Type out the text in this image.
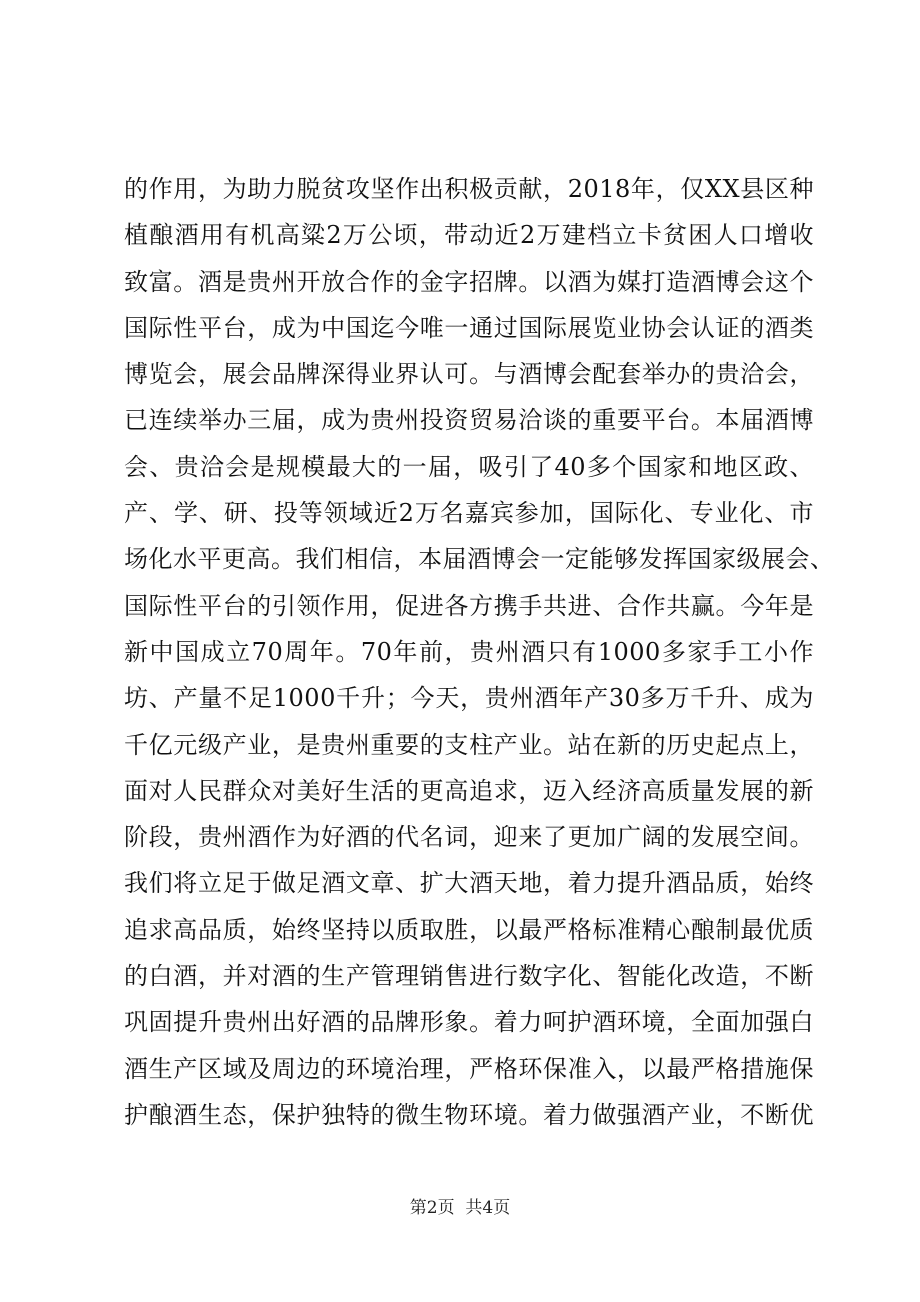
的作用，为助力脱贫攻坚作出积极贡献，2018年，仅XX县区种
植酿酒用有机高粱2万公顷，带动近2万建档立卡贫困人口增收
致富。酒是贵州开放合作的金字招牌。以酒为媒打造酒博会这个
国际性平台，成为中国迄今唯一通过国际展览业协会认证的酒类
博览会，展会品牌深得业界认可。与酒博会配套举办的贵洽会，
已连续举办三届，成为贵州投资贸易洽谈的重要平台。本届酒博
会、贵洽会是规模最大的一届，吸引了40多个国家和地区政、
产、学、研、投等领域近2万名嘉宾参加，国际化、专业化、市
场化水平更高。我们相信，本届酒博会一定能够发挥国家级展会、
国际性平台的引领作用，促进各方携手共进、合作共赢。今年是
新中国成立70周年。70年前，贵州酒只有1000多家手工小作
坊、产量不足1000千升；今天，贵州酒年产30多万千升、成为
千亿元级产业，是贵州重要的支柱产业。站在新的历史起点上，
面对人民群众对美好生活的更高追求，迈入经济高质量发展的新
阶段，贵州酒作为好酒的代名词，迎来了更加广阔的发展空间。
我们将立足于做足酒文章、扩大酒天地，着力提升酒品质，始终
追求高品质，始终坚持以质取胜，以最严格标准精心酿制最优质
的白酒，并对酒的生产管理销售进行数字化、智能化改造，不断
巩固提升贵州出好酒的品牌形象。着力呵护酒环境，全面加强白
酒生产区域及周边的环境治理，严格环保准入，以最严格措施保
护酿酒生态，保护独特的微生物环境。着力做强酒产业，不断优
第2页  共4页
